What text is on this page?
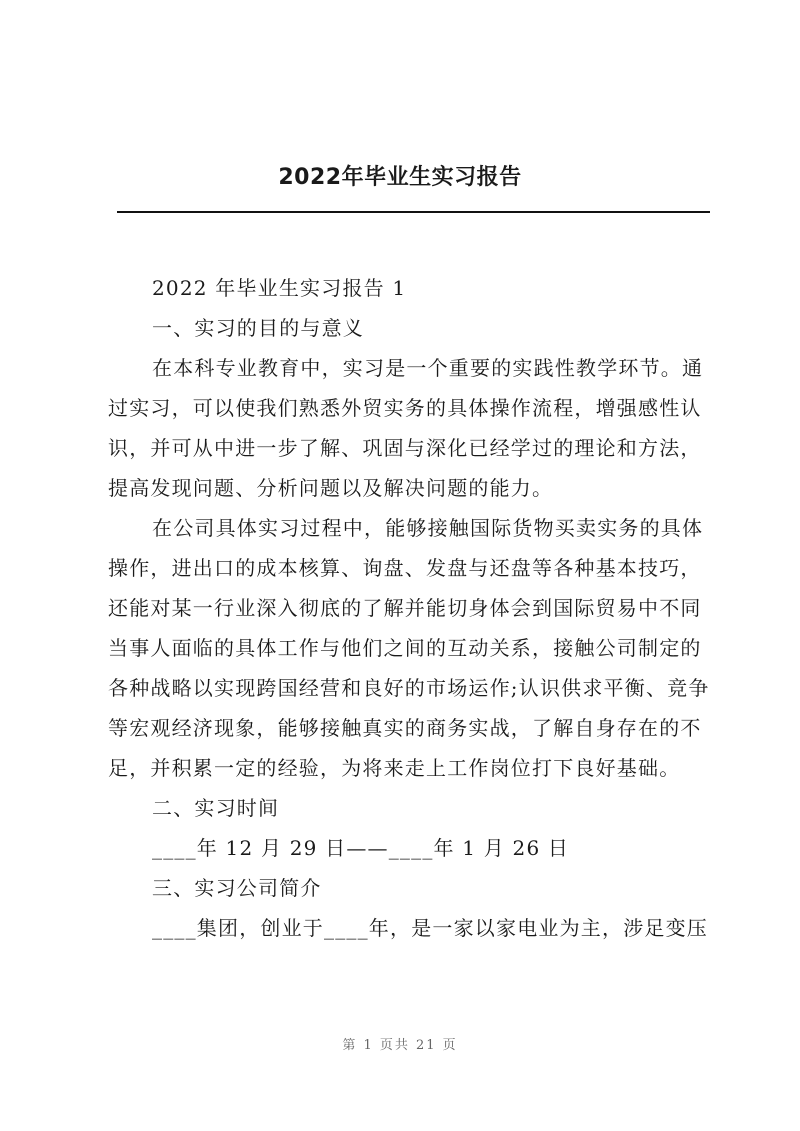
2022年毕业生实习报告

2022 年毕业生实习报告 1

一、实习的目的与意义

在本科专业教育中，实习是一个重要的实践性教学环节。通过实习，可以使我们熟悉外贸实务的具体操作流程，增强感性认识，并可从中进一步了解、巩固与深化已经学过的理论和方法，提高发现问题、分析问题以及解决问题的能力。

在公司具体实习过程中，能够接触国际货物买卖实务的具体操作，进出口的成本核算、询盘、发盘与还盘等各种基本技巧，还能对某一行业深入彻底的了解并能切身体会到国际贸易中不同当事人面临的具体工作与他们之间的互动关系，接触公司制定的各种战略以实现跨国经营和良好的市场运作;认识供求平衡、竞争等宏观经济现象，能够接触真实的商务实战，了解自身存在的不足，并积累一定的经验，为将来走上工作岗位打下良好基础。

二、实习时间

____年 12 月 29 日——____年 1 月 26 日

三、实习公司简介

____集团，创业于____年，是一家以家电业为主，涉足变压

第 1 页共 21 页
